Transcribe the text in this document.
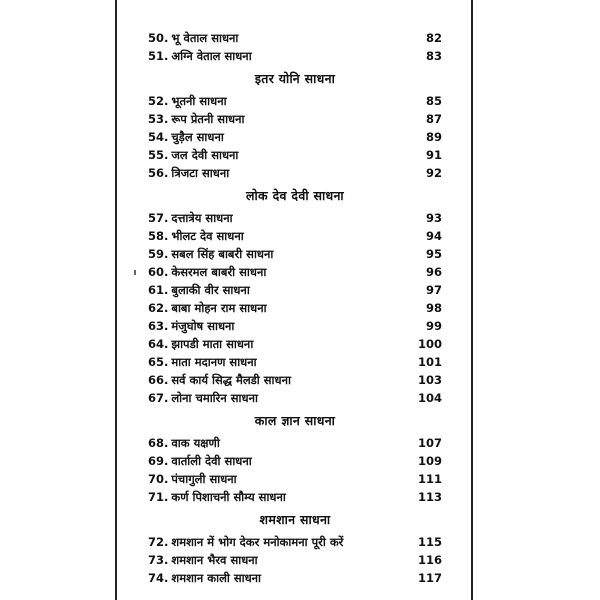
50. भू वेताल साधना	82
51. अग्नि वेताल साधना	83
इतर योनि साधना
52. भूतनी साधना	85
53. रूप प्रेतनी साधना	87
54. चुड़ैल साधना	89
55. जल देवी साधना	91
56. त्रिजटा साधना	92
लोक देव देवी साधना
57. दत्तात्रेय साधना	93
58. भीलट देव साधना	94
59. सबल सिंह बाबरी साधना	95
60. केसरमल बाबरी साधना	96
61. बुलाकी वीर साधना	97
62. बाबा मोहन राम साधना	98
63. मंजुघोष साधना	99
64. झापडी माता साधना	100
65. माता मदानण साधना	101
66. सर्व कार्य सिद्ध मैलडी साधना	103
67. लोना चमारिन साधना	104
काल ज्ञान साधना
68. वाक यक्षणी	107
69. वार्ताली देवी साधना	109
70. पंचागुली साधना	111
71. कर्ण पिशाचनी सौम्य साधना	113
शमशान साधना
72. शमशान में भोग देकर मनोकामना पूरी करें	115
73. शमशान भैरव साधना	116
74. शमशान काली साधना	117
